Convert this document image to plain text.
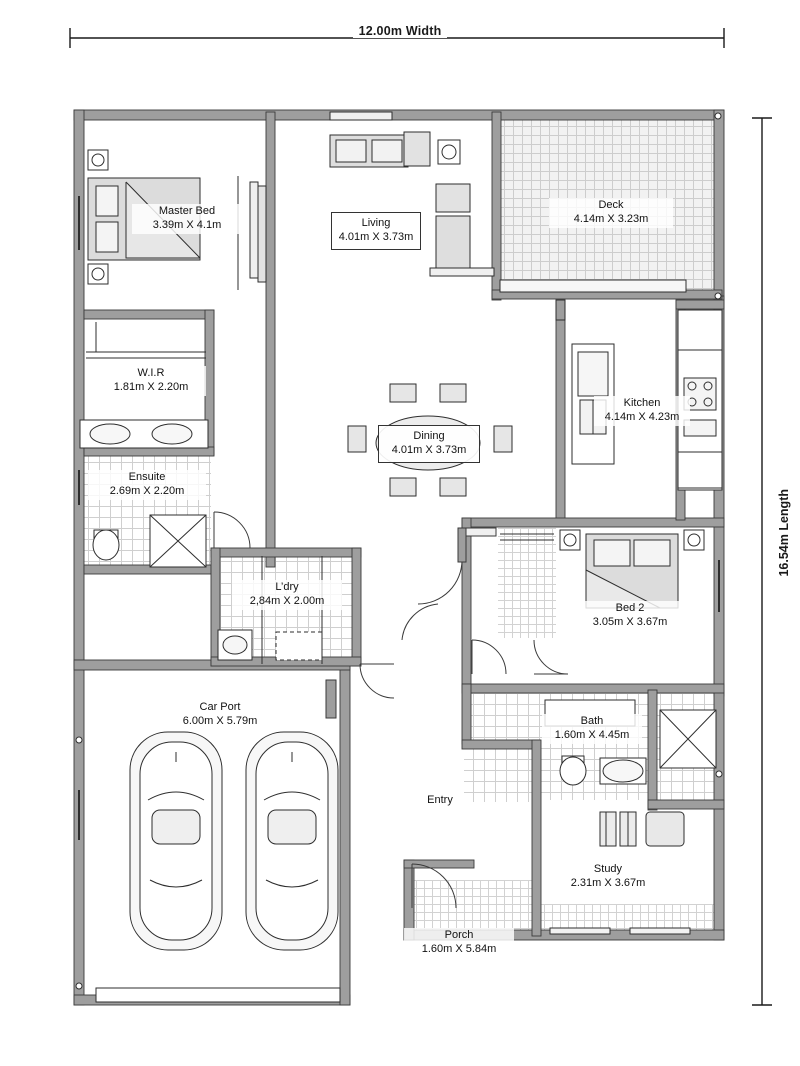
12.00m Width
16.54m Length
Master Bed
3.39m X 4.1m
W.I.R
1.81m X 2.20m
Ensuite
2.69m X 2.20m
Living
4.01m X 3.73m
Deck
4.14m X 3.23m
Kitchen
4.14m X 4.23m
Dining
4.01m X 3.73m
L’dry
2,84m X 2.00m
Bed 2
3.05m X 3.67m
Bath
1.60m X 4.45m
Study
2.31m X 3.67m
Car Port
6.00m X 5.79m
Porch
1.60m X 5.84m
Entry
